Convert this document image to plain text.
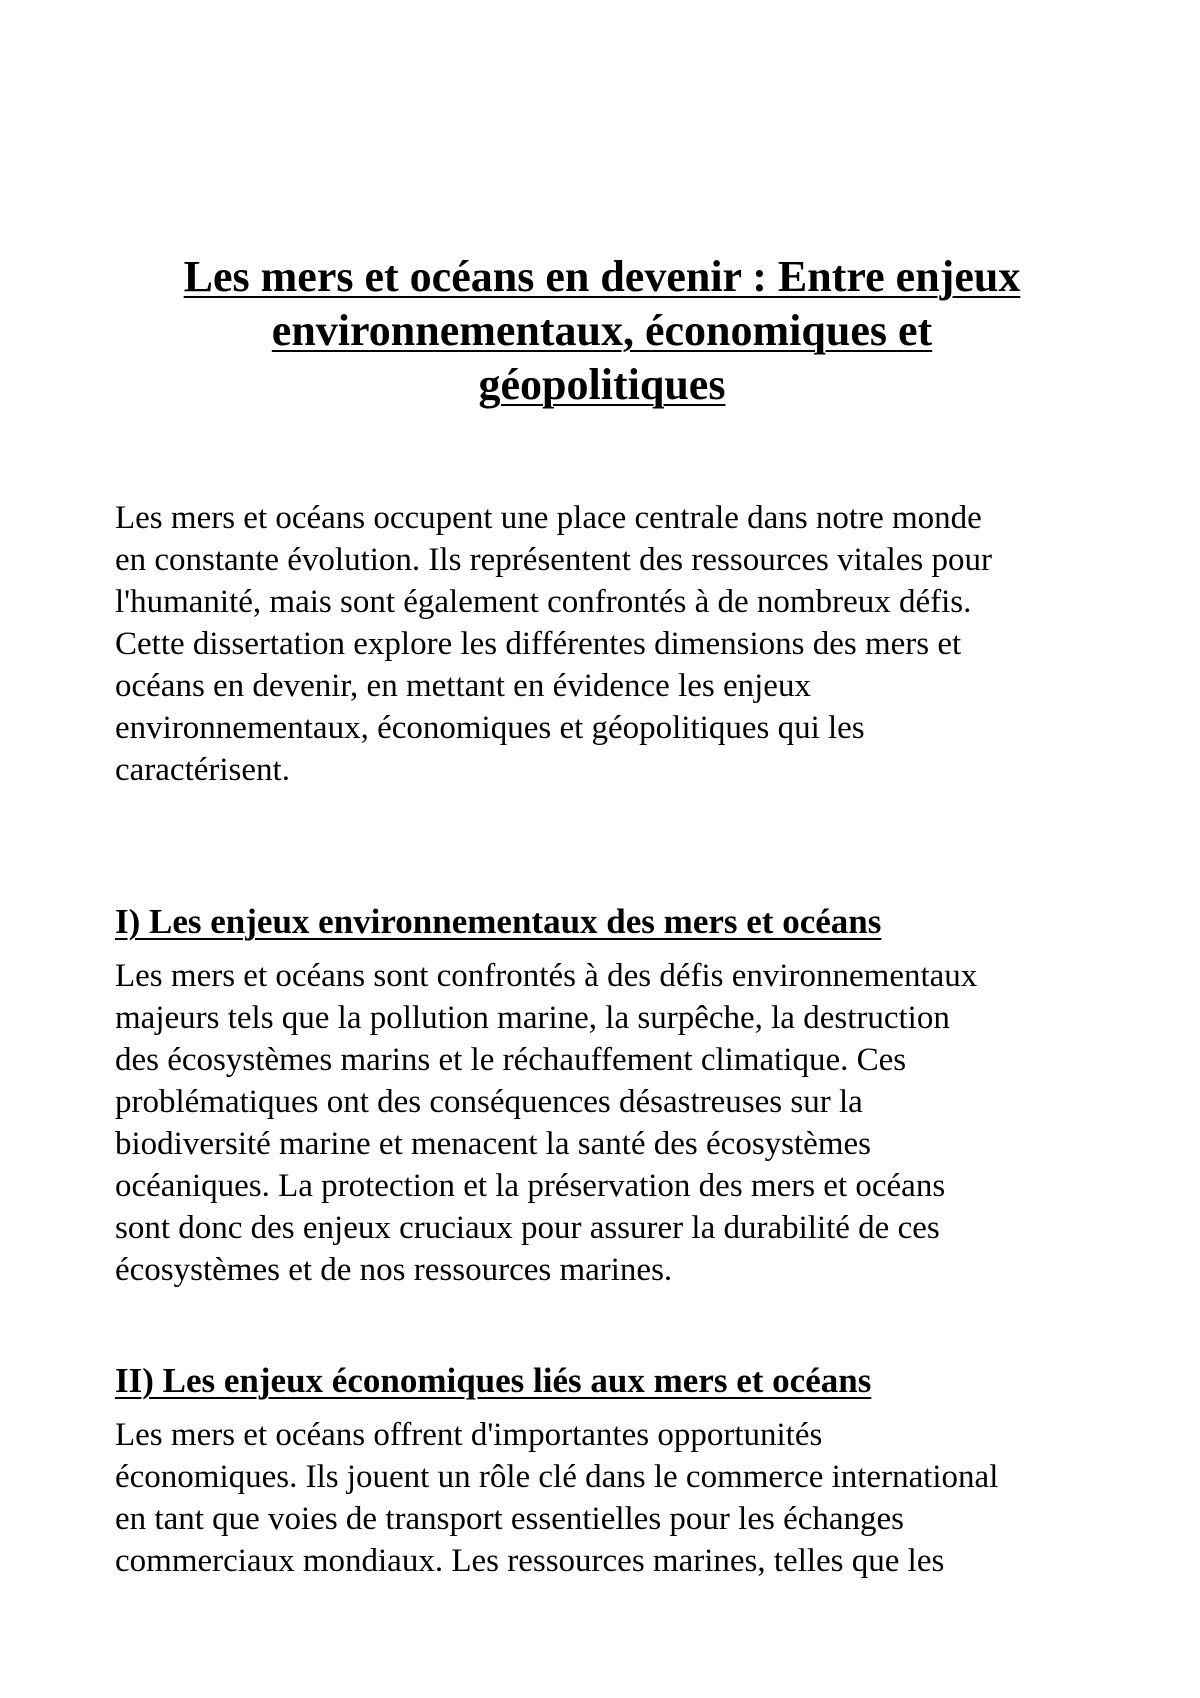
Les mers et océans en devenir : Entre enjeux
environnementaux, économiques et
géopolitiques

Les mers et océans occupent une place centrale dans notre monde
en constante évolution. Ils représentent des ressources vitales pour
l'humanité, mais sont également confrontés à de nombreux défis.
Cette dissertation explore les différentes dimensions des mers et
océans en devenir, en mettant en évidence les enjeux
environnementaux, économiques et géopolitiques qui les
caractérisent.

I) Les enjeux environnementaux des mers et océans

Les mers et océans sont confrontés à des défis environnementaux
majeurs tels que la pollution marine, la surpêche, la destruction
des écosystèmes marins et le réchauffement climatique. Ces
problématiques ont des conséquences désastreuses sur la
biodiversité marine et menacent la santé des écosystèmes
océaniques. La protection et la préservation des mers et océans
sont donc des enjeux cruciaux pour assurer la durabilité de ces
écosystèmes et de nos ressources marines.

II) Les enjeux économiques liés aux mers et océans

Les mers et océans offrent d'importantes opportunités
économiques. Ils jouent un rôle clé dans le commerce international
en tant que voies de transport essentielles pour les échanges
commerciaux mondiaux. Les ressources marines, telles que les
